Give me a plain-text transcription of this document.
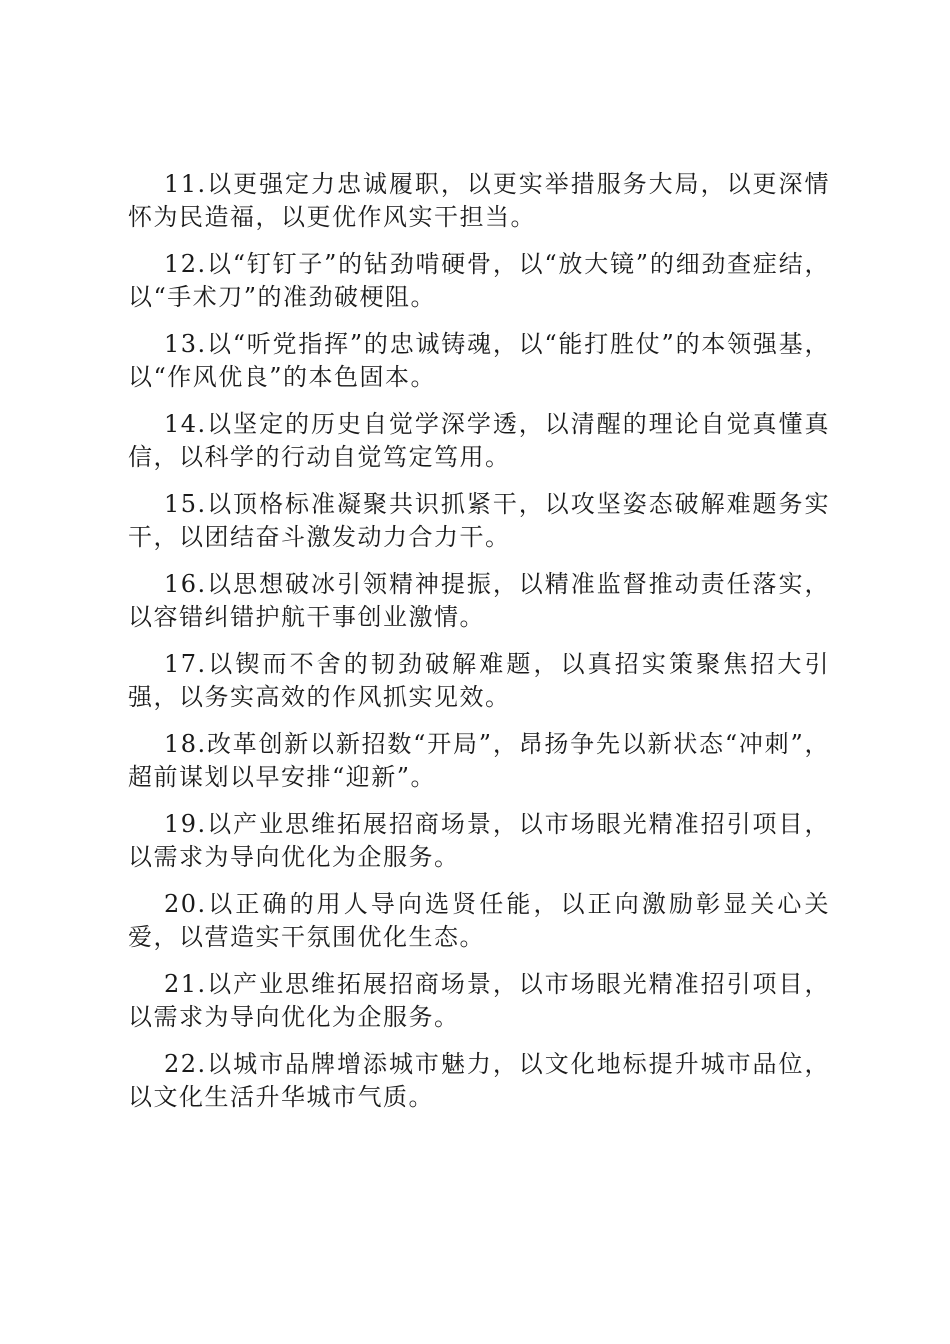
11.以更强定力忠诚履职，以更实举措服务大局，以更深情怀为民造福，以更优作风实干担当。

12.以“钉钉子”的钻劲啃硬骨，以“放大镜”的细劲查症结，以“手术刀”的准劲破梗阻。

13.以“听党指挥”的忠诚铸魂，以“能打胜仗”的本领强基，以“作风优良”的本色固本。

14.以坚定的历史自觉学深学透，以清醒的理论自觉真懂真信，以科学的行动自觉笃定笃用。

15.以顶格标准凝聚共识抓紧干，以攻坚姿态破解难题务实干，以团结奋斗激发动力合力干。

16.以思想破冰引领精神提振，以精准监督推动责任落实，以容错纠错护航干事创业激情。

17.以锲而不舍的韧劲破解难题，以真招实策聚焦招大引强，以务实高效的作风抓实见效。

18.改革创新以新招数“开局”，昂扬争先以新状态“冲刺”，超前谋划以早安排“迎新”。

19.以产业思维拓展招商场景，以市场眼光精准招引项目，以需求为导向优化为企服务。

20.以正确的用人导向选贤任能，以正向激励彰显关心关爱，以营造实干氛围优化生态。

21.以产业思维拓展招商场景，以市场眼光精准招引项目，以需求为导向优化为企服务。

22.以城市品牌增添城市魅力，以文化地标提升城市品位，以文化生活升华城市气质。
